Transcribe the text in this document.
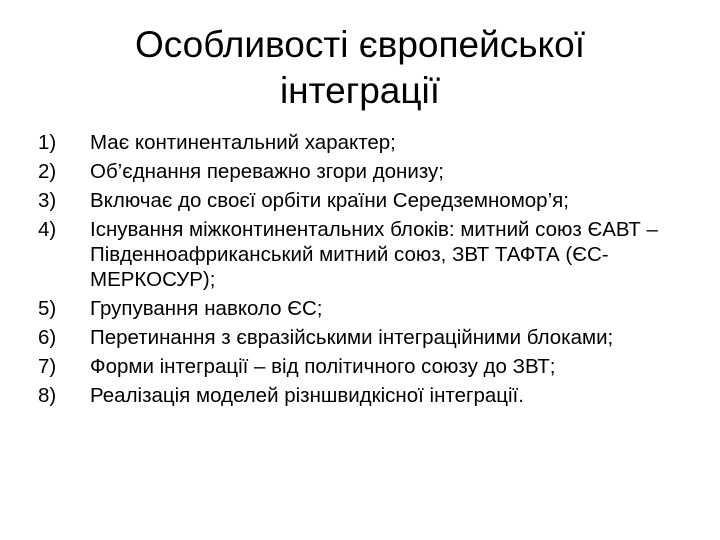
Особливості європейської
інтеграції
1)	Має континентальний характер;
2)	Об’єднання переважно згори донизу;
3)	Включає до своєї орбіти країни Середземномор’я;
4)	Існування міжконтинентальних блоків: митний союз ЄАВТ – Південноафриканський митний союз, ЗВТ ТАФТА (ЄС-МЕРКОСУР);
5)	Групування навколо ЄС;
6)	Перетинання з євразійськими інтеграційними блоками;
7)	Форми інтеграції – від політичного союзу до ЗВТ;
8)	Реалізація моделей різншвидкісної інтеграції.
